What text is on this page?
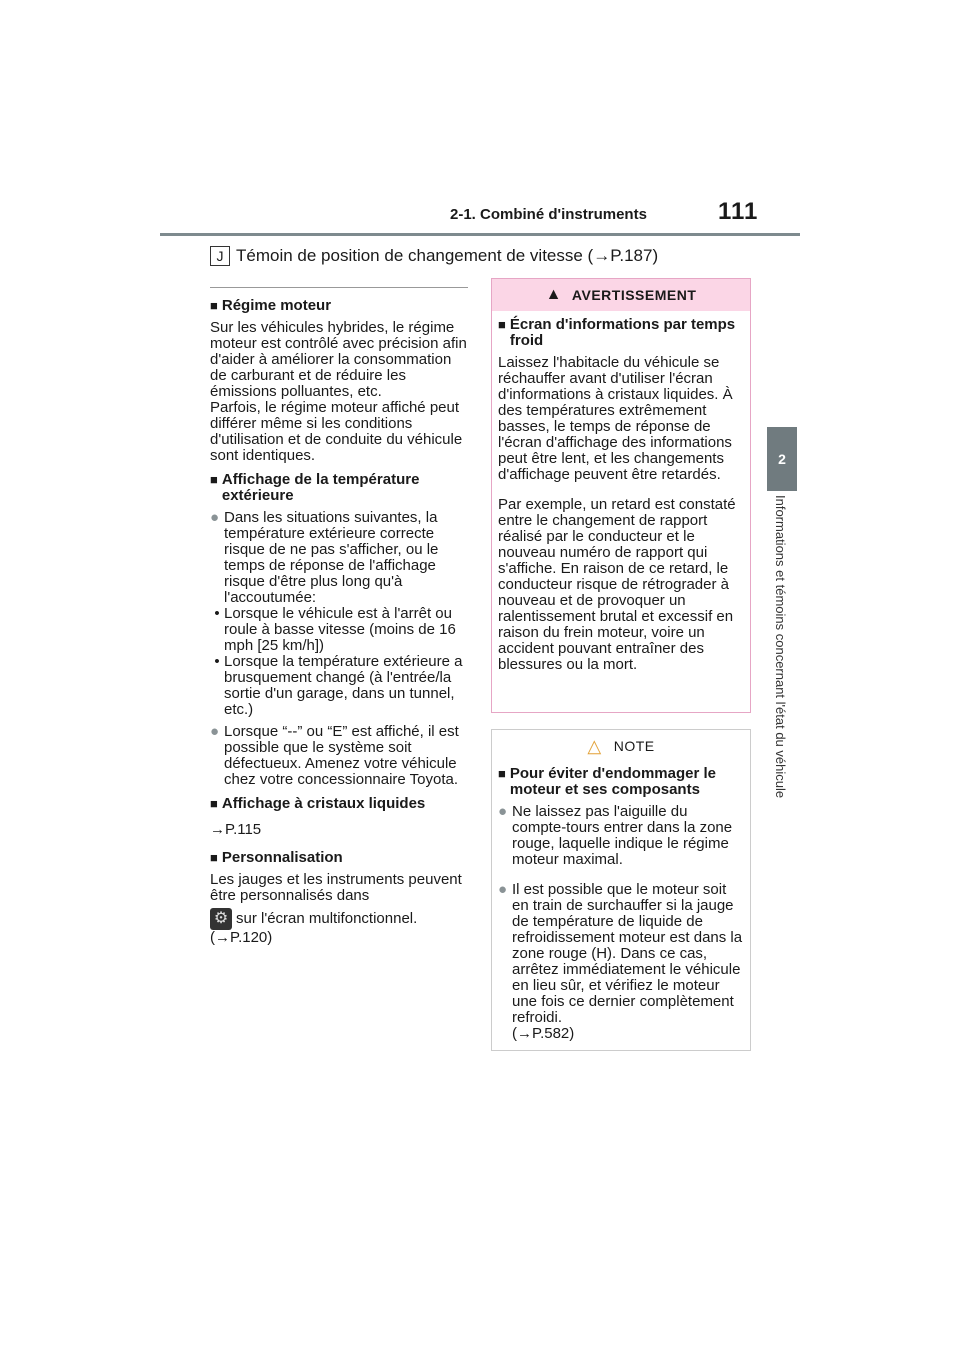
2-1. Combiné d'instruments	111
2
Informations et témoins concernant l'état du véhicule
J Témoin de position de changement de vitesse (→P.187)
■ Régime moteur
Sur les véhicules hybrides, le régime moteur est contrôlé avec précision afin d'aider à améliorer la consommation de carburant et de réduire les émissions polluantes, etc.
Parfois, le régime moteur affiché peut différer même si les conditions d'utilisation et de conduite du véhicule sont identiques.
■ Affichage de la température extérieure
● Dans les situations suivantes, la température extérieure correcte risque de ne pas s'afficher, ou le temps de réponse de l'affichage risque d'être plus long qu'à l'accoutumée:
• Lorsque le véhicule est à l'arrêt ou roule à basse vitesse (moins de 16 mph [25 km/h])
• Lorsque la température extérieure a brusquement changé (à l'entrée/la sortie d'un garage, dans un tunnel, etc.)
● Lorsque “--” ou “E” est affiché, il est possible que le système soit défectueux. Amenez votre véhicule chez votre concessionnaire Toyota.
■ Affichage à cristaux liquides
→P.115
■ Personnalisation
Les jauges et les instruments peuvent être personnalisés dans
⚙ sur l'écran multifonctionnel.
(→P.120)
▲ AVERTISSEMENT
■ Écran d'informations par temps froid
Laissez l'habitacle du véhicule se réchauffer avant d'utiliser l'écran d'informations à cristaux liquides. À des températures extrêmement basses, le temps de réponse de l'écran d'affichage des informations peut être lent, et les changements d'affichage peuvent être retardés.
Par exemple, un retard est constaté entre le changement de rapport réalisé par le conducteur et le nouveau numéro de rapport qui s'affiche. En raison de ce retard, le conducteur risque de rétrograder à nouveau et de provoquer un ralentissement brutal et excessif en raison du frein moteur, voire un accident pouvant entraîner des blessures ou la mort.
△ NOTE
■ Pour éviter d'endommager le moteur et ses composants
● Ne laissez pas l'aiguille du compte-tours entrer dans la zone rouge, laquelle indique le régime moteur maximal.
● Il est possible que le moteur soit en train de surchauffer si la jauge de température de liquide de refroidissement moteur est dans la zone rouge (H). Dans ce cas, arrêtez immédiatement le véhicule en lieu sûr, et vérifiez le moteur une fois ce dernier complètement refroidi.
(→P.582)
